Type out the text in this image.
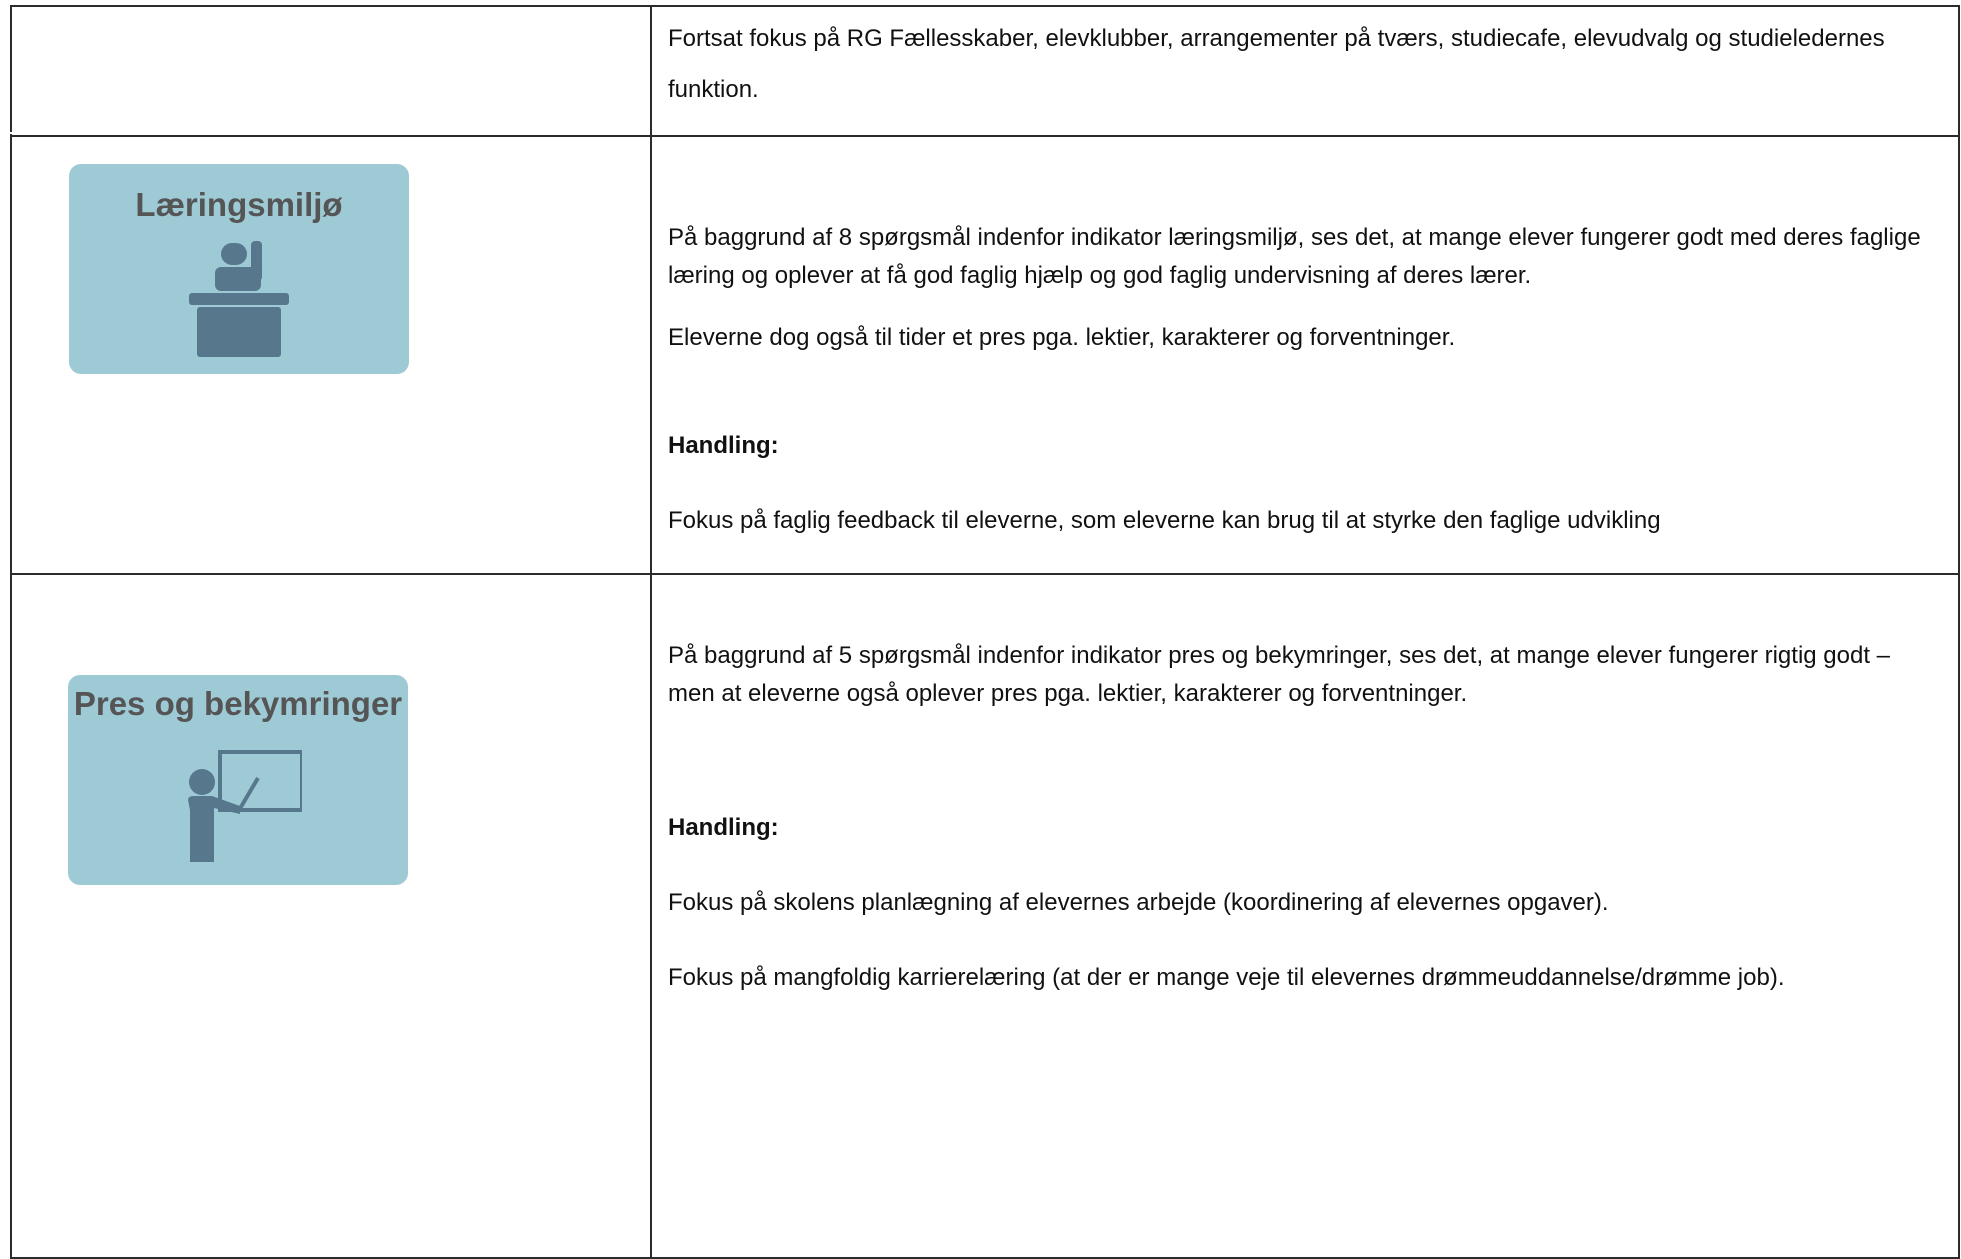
	Fortsat fokus på RG Fællesskaber, elevklubber, arrangementer på tværs, studiecafe, elevudvalg og studieledernes funktion.

Læringsmiljø	På baggrund af 8 spørgsmål indenfor indikator læringsmiljø, ses det, at mange elever fungerer godt med deres faglige læring og oplever at få god faglig hjælp og god faglig undervisning af deres lærer.

Eleverne dog også til tider et pres pga. lektier, karakterer og forventninger.

Handling:

Fokus på faglig feedback til eleverne, som eleverne kan brug til at styrke den faglige udvikling

Pres og bekymringer	På baggrund af 5 spørgsmål indenfor indikator pres og bekymringer, ses det, at mange elever fungerer rigtig godt – men at eleverne også oplever pres pga. lektier, karakterer og forventninger.

Handling:

Fokus på skolens planlægning af elevernes arbejde (koordinering af elevernes opgaver).

Fokus på mangfoldig karrierelæring (at der er mange veje til elevernes drømmeuddannelse/drømme job).
